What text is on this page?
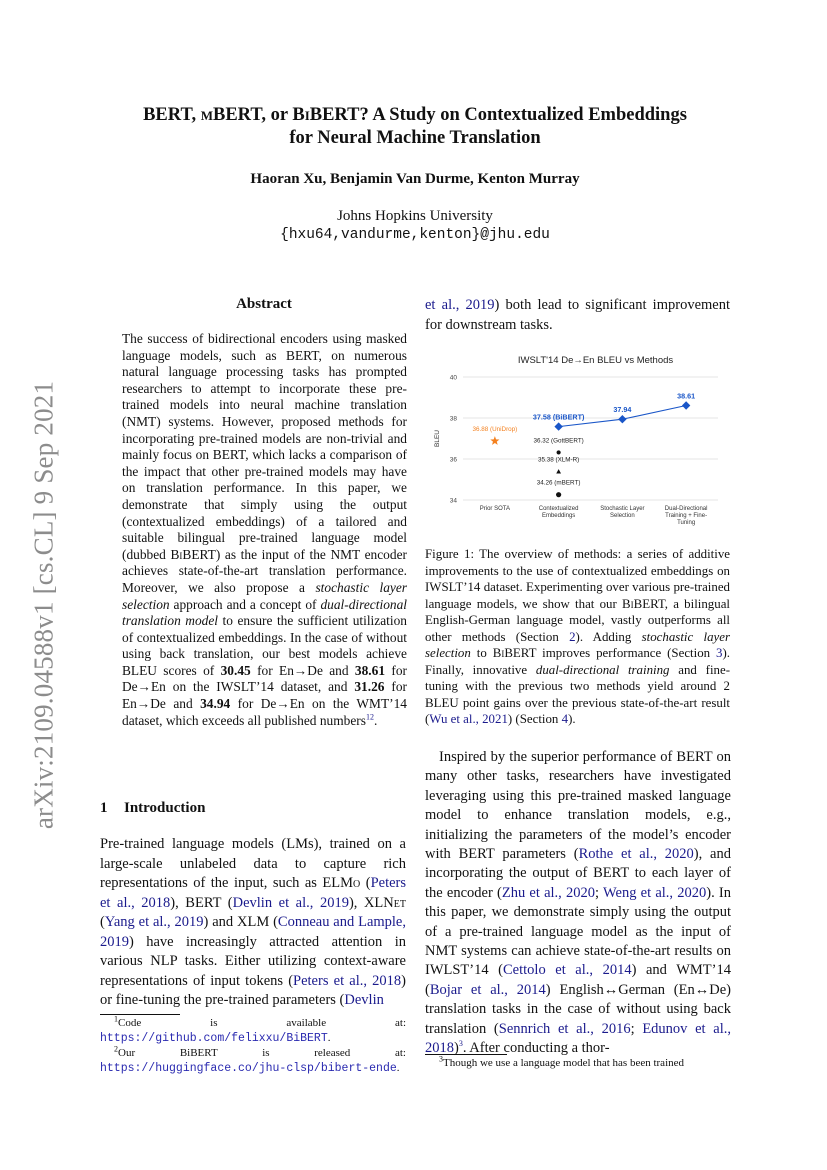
arXiv:2109.04588v1 [cs.CL] 9 Sep 2021
BERT, mBERT, or BiBERT? A Study on Contextualized Embeddings
for Neural Machine Translation
Haoran Xu, Benjamin Van Durme, Kenton Murray
Johns Hopkins University
{hxu64,vandurme,kenton}@jhu.edu
Abstract
The success of bidirectional encoders using masked language models, such as BERT, on numerous natural language processing tasks has prompted researchers to attempt to incorporate these pre-trained models into neural machine translation (NMT) systems. However, proposed methods for incorporating pre-trained models are non-trivial and mainly focus on BERT, which lacks a comparison of the impact that other pre-trained models may have on translation performance. In this paper, we demonstrate that simply using the output (contextualized embeddings) of a tailored and suitable bilingual pre-trained language model (dubbed BiBERT) as the input of the NMT encoder achieves state-of-the-art translation performance. Moreover, we also propose a stochastic layer selection approach and a concept of dual-directional translation model to ensure the sufficient utilization of contextualized embeddings. In the case of without using back translation, our best models achieve BLEU scores of 30.45 for En→De and 38.61 for De→En on the IWSLT’14 dataset, and 31.26 for En→De and 34.94 for De→En on the WMT’14 dataset, which exceeds all published numbers$^{12}$.
1 Introduction
Pre-trained language models (LMs), trained on a large-scale unlabeled data to capture rich representations of the input, such as ELMo (Peters et al., 2018), BERT (Devlin et al., 2019), XLNet (Yang et al., 2019) and XLM (Conneau and Lample, 2019) have increasingly attracted attention in various NLP tasks. Either utilizing context-aware representations of input tokens (Peters et al., 2018) or fine-tuning the pre-trained parameters (Devlin

$^1$Code is available at: https://github.com/felixxu/BiBERT.

$^2$Our BiBERT is released at: https://huggingface.co/jhu-clsp/bibert-ende.

et al., 2019) both lead to significant improvement for downstream tasks.
IWSLT'14 De→En BLEU vs Methods
34
36
38
40
BLEU
Prior SOTA	Contextualized
Embeddings
Stochastic Layer
Selection
Dual-Directional
Training + Fine-
Tuning
37.58 (BiBERT)
37.94
38.61
36.88 (UniDrop)
36.32 (GottBERT)
35.38 (XLM-R)
34.26 (mBERT)
Figure 1: The overview of methods: a series of additive improvements to the use of contextualized embeddings on IWSLT’14 dataset. Experimenting over various pre-trained language models, we show that our BiBERT, a bilingual English-German language model, vastly outperforms all other methods (Section 2). Adding stochastic layer selection to BiBERT improves performance (Section 3). Finally, innovative dual-directional training and fine-tuning with the previous two methods yield around 2 BLEU point gains over the previous state-of-the-art result (Wu et al., 2021) (Section 4).

Inspired by the superior performance of BERT on many other tasks, researchers have investigated leveraging using this pre-trained masked language model to enhance translation models, e.g., initializing the parameters of the model’s encoder with BERT parameters (Rothe et al., 2020), and incorporating the output of BERT to each layer of the encoder (Zhu et al., 2020; Weng et al., 2020). In this paper, we demonstrate simply using the output of a pre-trained language model as the input of NMT systems can achieve state-of-the-art results on IWLST’14 (Cettolo et al., 2014) and WMT’14 (Bojar et al., 2014) English↔German (En↔De) translation tasks in the case of without using back translation (Sennrich et al., 2016; Edunov et al., 2018)$^3$. After conducting a thor-

$^3$Though we use a language model that has been trained
